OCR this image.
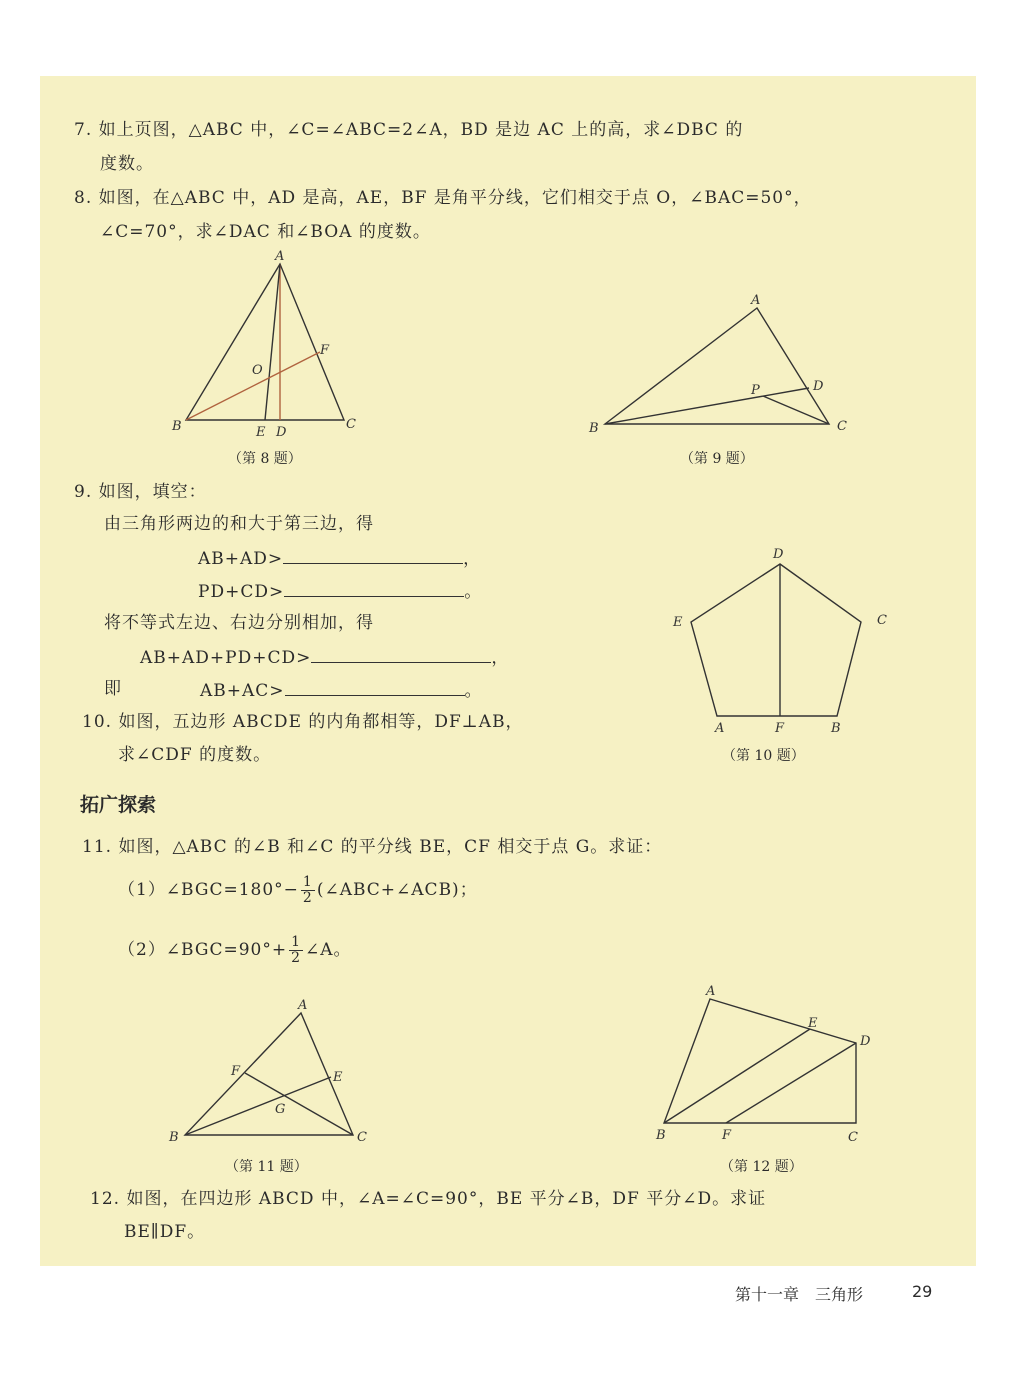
7. 如上页图，△ABC 中，∠C=∠ABC=2∠A，BD 是边 AC 上的高，求∠DBC 的
度数。
8. 如图，在△ABC 中，AD 是高，AE，BF 是角平分线，它们相交于点 O，∠BAC=50°，
∠C=70°，求∠DAC 和∠BOA 的度数。
A
B	C
E D
F
O
（第 8 题）
A
B	C
D
P
（第 9 题）
9. 如图，填空：
由三角形两边的和大于第三边，得
AB+AD>	，
PD+CD>	。
将不等式左边、右边分别相加，得
AB+AD+PD+CD>	，
即	AB+AC>	。
D
E	C
A	F	B
（第 10 题）
10. 如图，五边形 ABCDE 的内角都相等，DF⊥AB，
求∠CDF 的度数。
拓广探索
11. 如图，△ABC 的∠B 和∠C 的平分线 BE，CF 相交于点 G。求证：
（1）∠BGC=180°− $\frac{1}{2}$ (∠ABC+∠ACB)；
（2）∠BGC=90°+ $\frac{1}{2}$ ∠A。
A
B	C
E
F
G
（第 11 题）
A
B	C
D
E
F
（第 12 题）
12. 如图，在四边形 ABCD 中，∠A=∠C=90°，BE 平分∠B，DF 平分∠D。求证
BE∥DF。
第十一章　三角形	29
